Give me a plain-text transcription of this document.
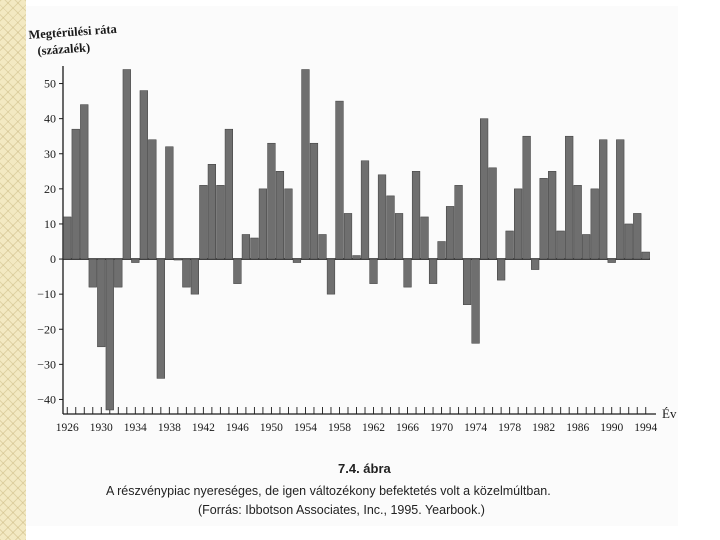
Megtérülési ráta
(százalék)
50
40
30
20
10
0
−10
−20
−30
−40
1926 1930 1934 1938 1942 1946 1950 1954 1958 1962 1966 1970 1974 1978 1982 1986 1990 1994
Év
7.4. ábra
A részvénypiac nyereséges, de igen változékony befektetés volt a közelmúltban.
(Forrás: Ibbotson Associates, Inc., 1995. Yearbook.)
